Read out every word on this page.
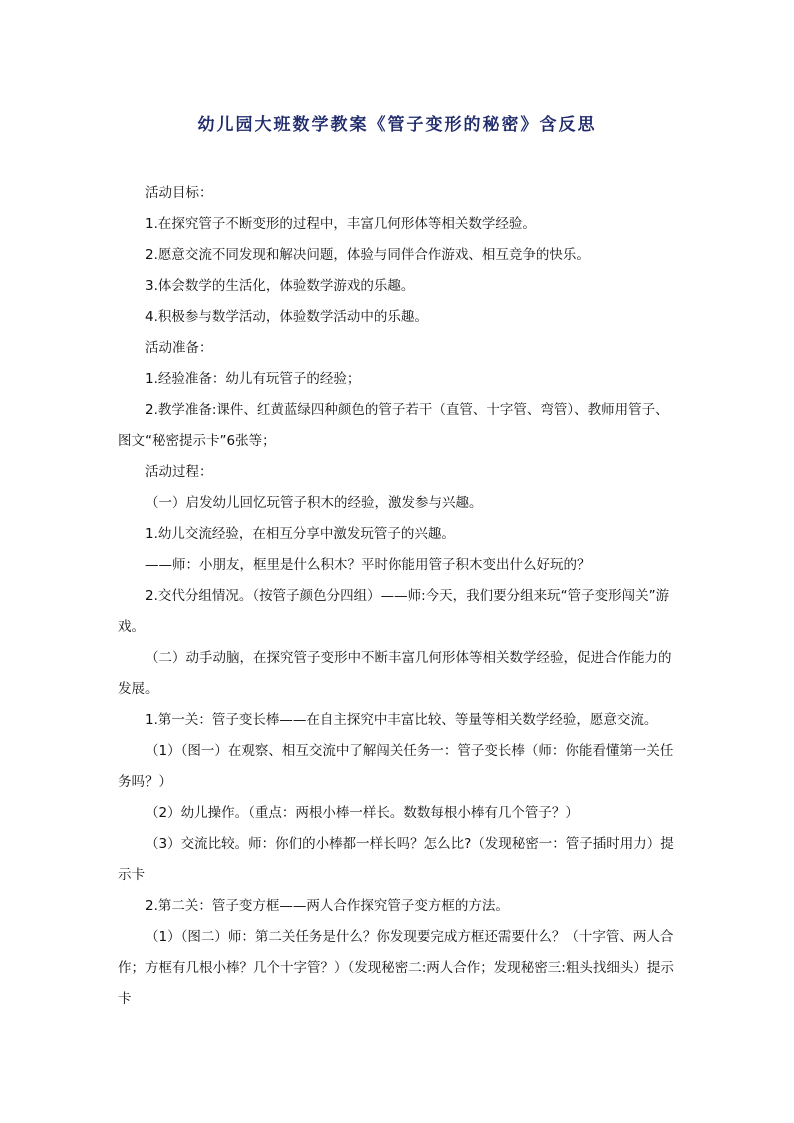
幼儿园大班数学教案《管子变形的秘密》含反思

活动目标：

1.在探究管子不断变形的过程中，丰富几何形体等相关数学经验。

2.愿意交流不同发现和解决问题，体验与同伴合作游戏、相互竞争的快乐。

3.体会数学的生活化，体验数学游戏的乐趣。

4.积极参与数学活动，体验数学活动中的乐趣。

活动准备：

1.经验准备：幼儿有玩管子的经验；

2.教学准备:课件、红黄蓝绿四种颜色的管子若干（直管、十字管、弯管）、教师用管子、图文“秘密提示卡”6张等；

活动过程：

（一）启发幼儿回忆玩管子积木的经验，激发参与兴趣。

1.幼儿交流经验，在相互分享中激发玩管子的兴趣。

——师：小朋友，框里是什么积木？平时你能用管子积木变出什么好玩的？

2.交代分组情况。（按管子颜色分四组）——师:今天，我们要分组来玩“管子变形闯关”游戏。

（二）动手动脑，在探究管子变形中不断丰富几何形体等相关数学经验，促进合作能力的发展。

1.第一关：管子变长棒——在自主探究中丰富比较、等量等相关数学经验，愿意交流。

（1）（图一）在观察、相互交流中了解闯关任务一：管子变长棒（师：你能看懂第一关任务吗？）

（2）幼儿操作。（重点：两根小棒一样长。数数每根小棒有几个管子？）

（3）交流比较。师：你们的小棒都一样长吗？怎么比?（发现秘密一：管子插时用力）提示卡

2.第二关：管子变方框——两人合作探究管子变方框的方法。

（1）（图二）师：第二关任务是什么？你发现要完成方框还需要什么？（十字管、两人合作；方框有几根小棒？几个十字管？）（发现秘密二:两人合作；发现秘密三:粗头找细头）提示卡
